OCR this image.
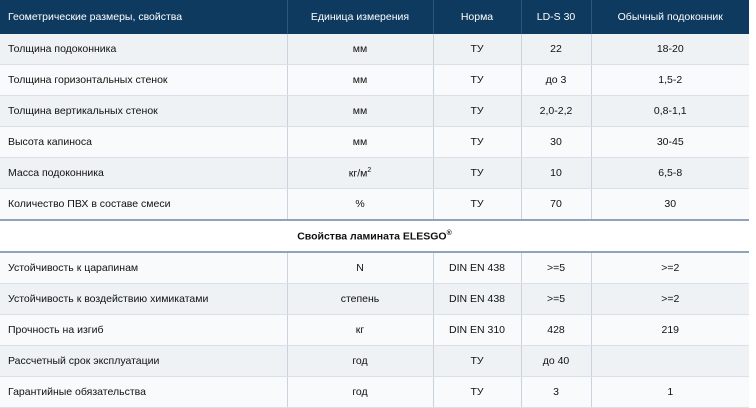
Геометрические размеры, свойства	Единица измерения	Норма	LD-S 30	Обычный подоконник
Толщина подоконника	мм	ТУ	22	18-20
Толщина горизонтальных стенок	мм	ТУ	до 3	1,5-2
Толщина вертикальных стенок	мм	ТУ	2,0-2,2	0,8-1,1
Высота капиноса	мм	ТУ	30	30-45
Масса подоконника	$кг/м^2$	ТУ	10	6,5-8
Количество ПВХ в составе смеси	%	ТУ	70	30
Свойства ламината ELESGO®
Устойчивость к царапинам	N	DIN EN 438	>=5	>=2
Устойчивость к воздействию химикатами	степень	DIN EN 438	>=5	>=2
Прочность на изгиб	кг	DIN EN 310	428	219
Рассчетный срок эксплуатации	год	ТУ	до 40	
Гарантийные обязательства	год	ТУ	3	1
